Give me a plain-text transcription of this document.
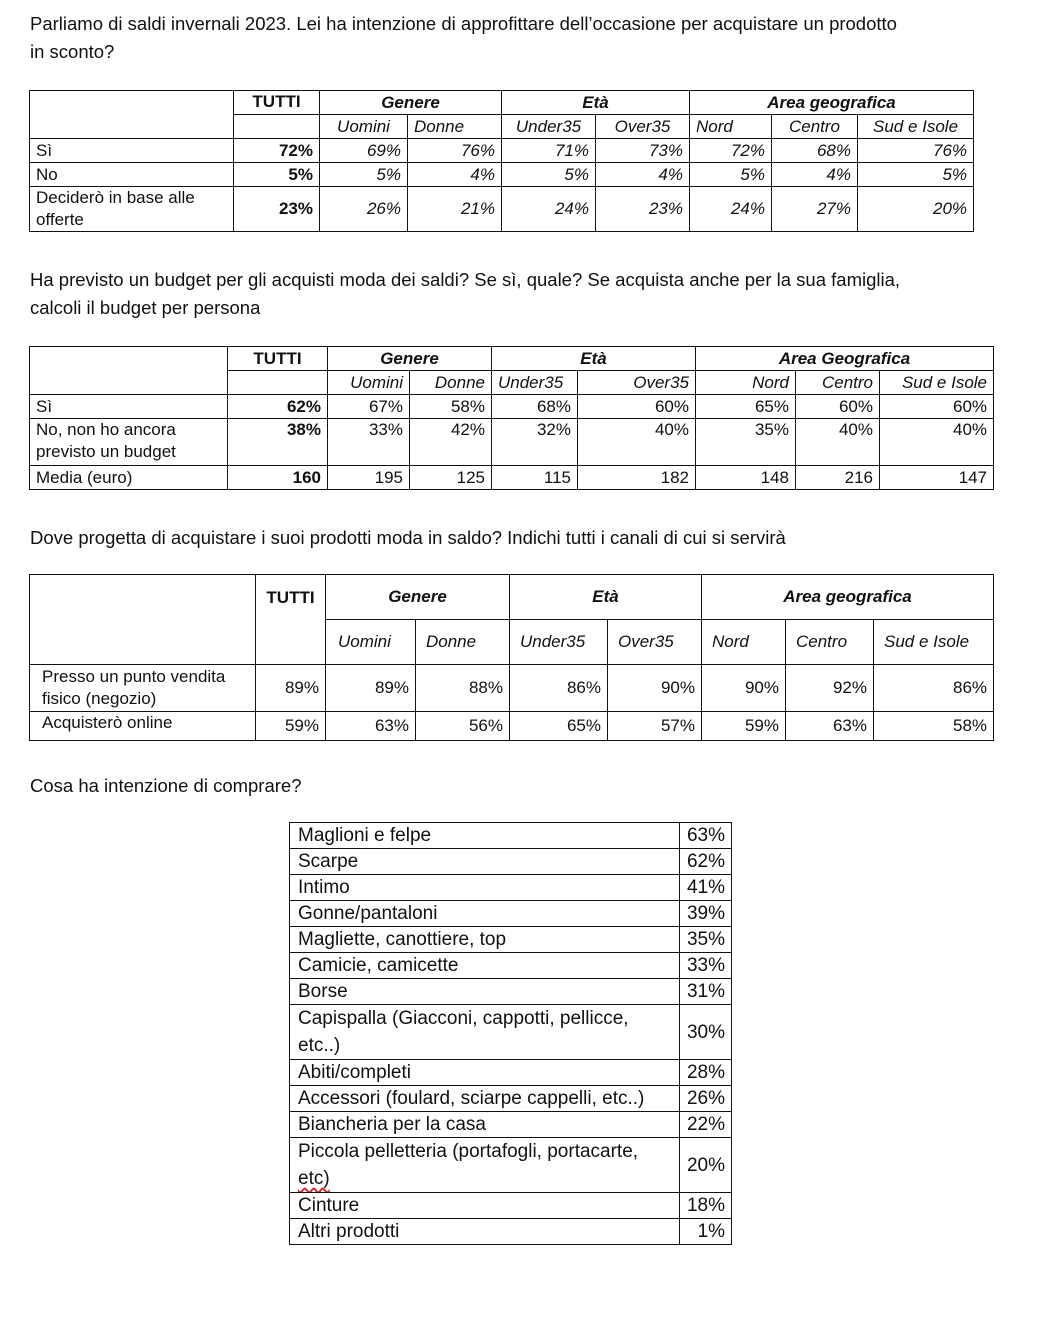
Parliamo di saldi invernali 2023. Lei ha intenzione di approfittare dell’occasione per acquistare un prodotto
in sconto?

	TUTTI	Genere		Età		Area geografica		
		Uomini	Donne	Under35	Over35	Nord	Centro	Sud e Isole
Sì	72%	69%	76%	71%	73%	72%	68%	76%
No	5%	5%	4%	5%	4%	5%	4%	5%
Deciderò in base alle offerte	23%	26%	21%	24%	23%	24%	27%	20%

Ha previsto un budget per gli acquisti moda dei saldi? Se sì, quale? Se acquista anche per la sua famiglia,
calcoli il budget per persona

	TUTTI	Genere		Età		Area Geografica		
		Uomini	Donne	Under35	Over35	Nord	Centro	Sud e Isole
Sì	62%	67%	58%	68%	60%	65%	60%	60%
No, non ho ancora previsto un budget	38%	33%	42%	32%	40%	35%	40%	40%
Media (euro)	160	195	125	115	182	148	216	147

Dove progetta di acquistare i suoi prodotti moda in saldo? Indichi tutti i canali di cui si servirà

	TUTTI	Genere		Età		Area geografica		
		Uomini	Donne	Under35	Over35	Nord	Centro	Sud e Isole
Presso un punto vendita fisico (negozio)	89%	89%	88%	86%	90%	90%	92%	86%
Acquisterò online	59%	63%	56%	65%	57%	59%	63%	58%

Cosa ha intenzione di comprare?

Maglioni e felpe	63%
Scarpe	62%
Intimo	41%
Gonne/pantaloni	39%
Magliette, canottiere, top	35%
Camicie, camicette	33%
Borse	31%
Capispalla (Giacconi, cappotti, pellicce, etc..)	30%
Abiti/completi	28%
Accessori (foulard, sciarpe cappelli, etc..)	26%
Biancheria per la casa	22%
Piccola pelletteria (portafogli, portacarte,
etc)	20%
Cinture	18%
Altri prodotti	1%
